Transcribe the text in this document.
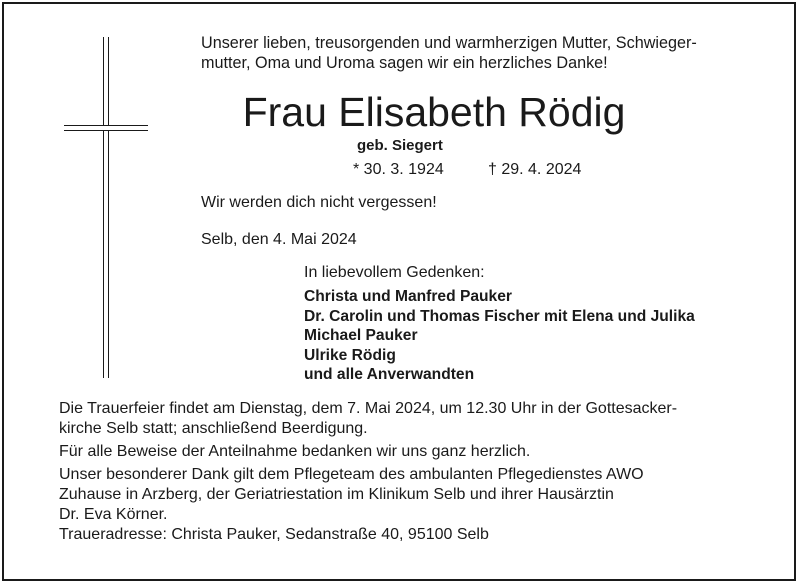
Unserer lieben, treusorgenden und warmherzigen Mutter, Schwieger-
mutter, Oma und Uroma sagen wir ein herzliches Danke!
Frau Elisabeth Rödig
geb. Siegert
* 30. 3. 1924	† 29. 4. 2024
Wir werden dich nicht vergessen!
Selb, den 4. Mai 2024
In liebevollem Gedenken:
Christa und Manfred Pauker
Dr. Carolin und Thomas Fischer mit Elena und Julika
Michael Pauker
Ulrike Rödig
und alle Anverwandten
Die Trauerfeier findet am Dienstag, dem 7. Mai 2024, um 12.30 Uhr in der Gottesacker-
kirche Selb statt; anschließend Beerdigung.
Für alle Beweise der Anteilnahme bedanken wir uns ganz herzlich.
Unser besonderer Dank gilt dem Pflegeteam des ambulanten Pflegedienstes AWO
Zuhause in Arzberg, der Geriatriestation im Klinikum Selb und ihrer Hausärztin
Dr. Eva Körner.
Traueradresse: Christa Pauker, Sedanstraße 40, 95100 Selb
